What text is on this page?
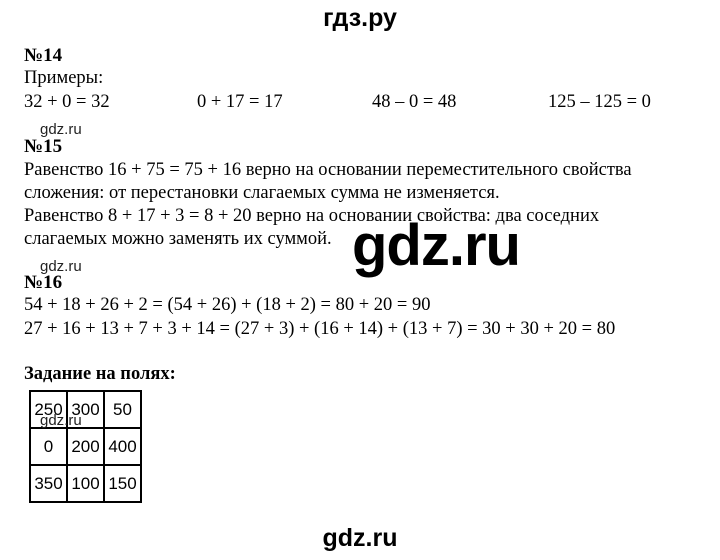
гдз.ру
№14
Примеры:
32 + 0 = 32	0 + 17 = 17	48 – 0 = 48	125 – 125 = 0
gdz.ru
№15
Равенство 16 + 75 = 75 + 16 верно на основании переместительного свойства
сложения: от перестановки слагаемых сумма не изменяется.
Равенство 8 + 17 + 3 = 8 + 20 верно на основании свойства: два соседних
слагаемых можно заменять их суммой. gdz.ru
gdz.ru
№16
54 + 18 + 26 + 2 = (54 + 26) + (18 + 2) = 80 + 20 = 90
27 + 16 + 13 + 7 + 3 + 14 = (27 + 3) + (16 + 14) + (13 + 7) = 30 + 30 + 20 = 80
Задание на полях:
250	300	50
0	200	400
350	100	150
gdz.ru
gdz.ru
